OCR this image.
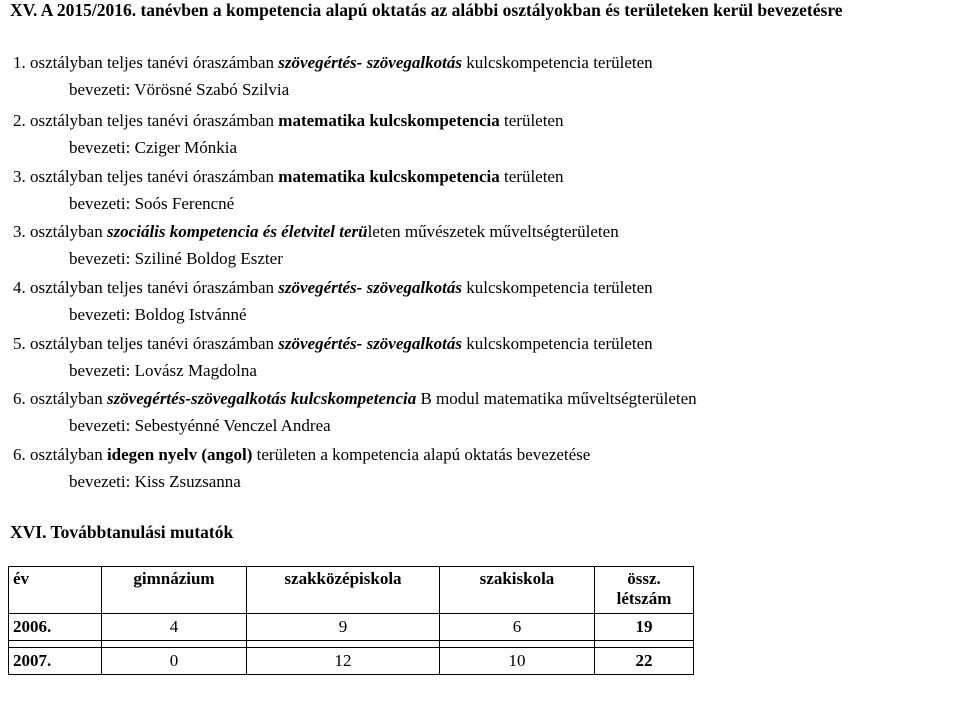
XV. A 2015/2016. tanévben a kompetencia alapú oktatás az alábbi osztályokban és területeken kerül bevezetésre
1. osztályban teljes tanévi óraszámban szövegértés- szövegalkotás kulcskompetencia területen
bevezeti: Vörösné Szabó Szilvia
2. osztályban teljes tanévi óraszámban matematika kulcskompetencia területen
bevezeti: Cziger Mónkia
3. osztályban teljes tanévi óraszámban matematika kulcskompetencia területen
bevezeti: Soós Ferencné
3. osztályban szociális kompetencia és életvitel területen művészetek műveltségterületen
bevezeti: Sziliné Boldog Eszter
4. osztályban teljes tanévi óraszámban szövegértés- szövegalkotás kulcskompetencia területen
bevezeti: Boldog Istvánné
5. osztályban teljes tanévi óraszámban szövegértés- szövegalkotás kulcskompetencia területen
bevezeti: Lovász Magdolna
6. osztályban szövegértés-szövegalkotás kulcskompetencia B modul matematika műveltségterületen
bevezeti: Sebestyénné Venczel Andrea
6. osztályban idegen nyelv (angol) területen a kompetencia alapú oktatás bevezetése
bevezeti: Kiss Zsuzsanna
XVI. Továbbtanulási mutatók
év	gimnázium	szakközépiskola	szakiskola	össz. létszám
2006.	4	9	6	19

2007.	0	12	10	22
